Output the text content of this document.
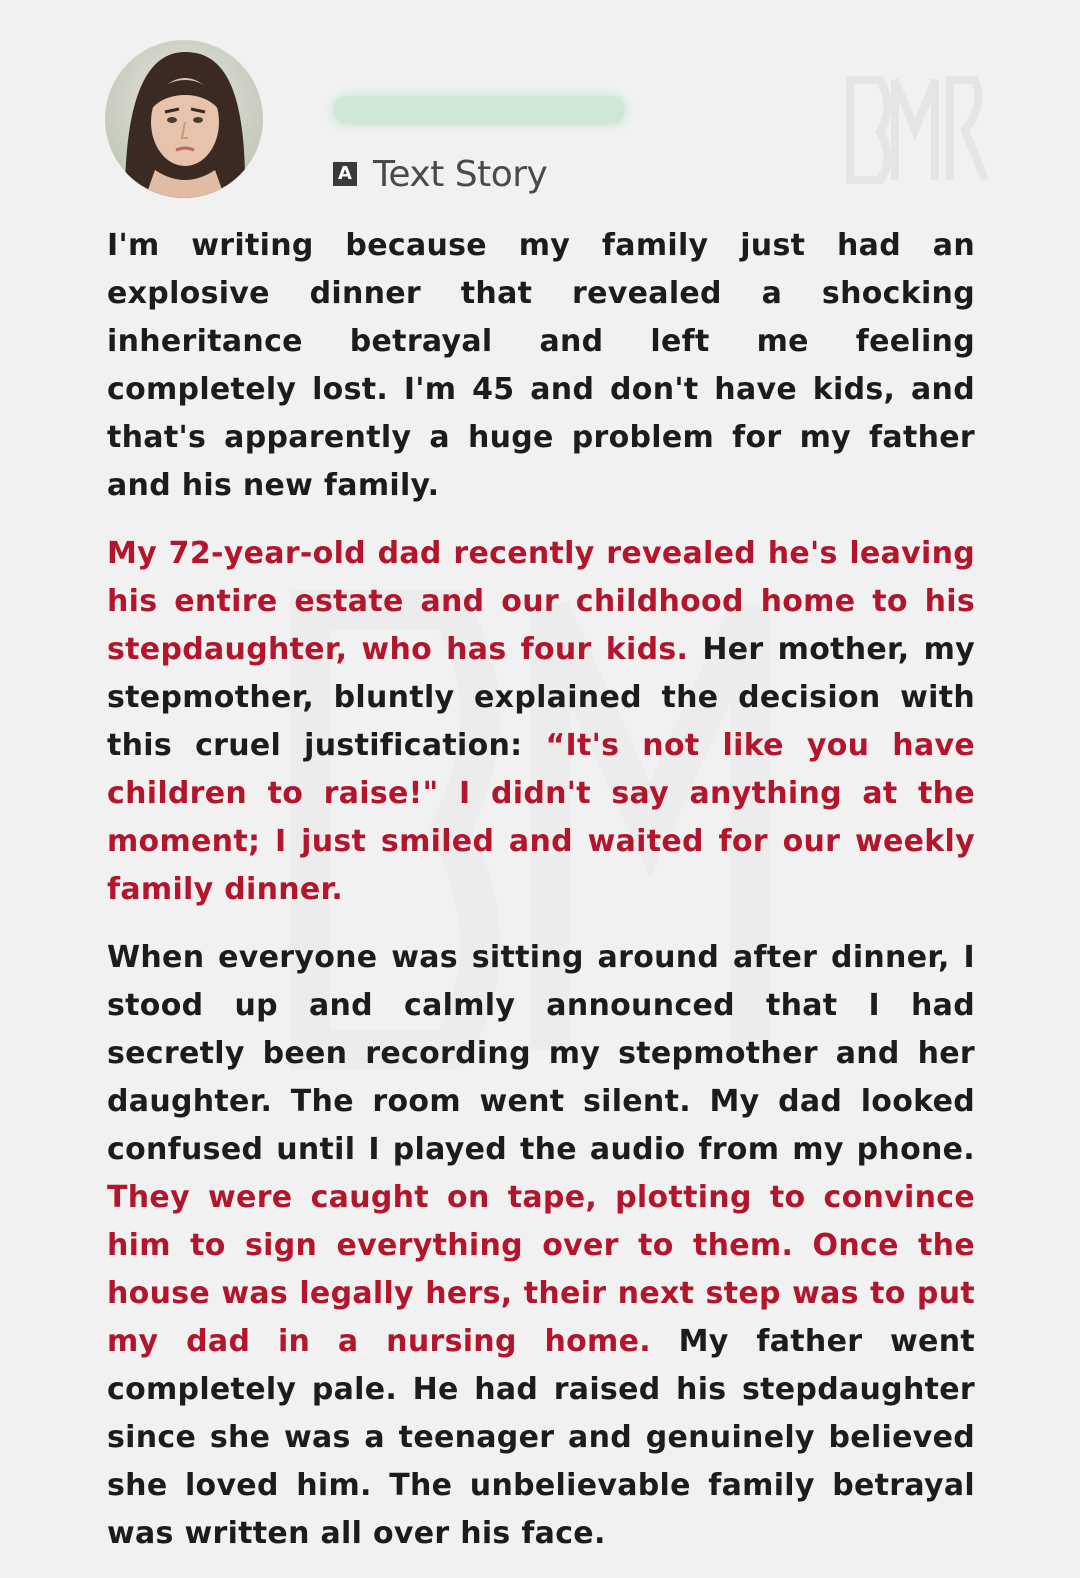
A Text Story

I'm writing because my family just had an explosive dinner that revealed a shocking inheritance betrayal and left me feeling completely lost. I'm 45 and don't have kids, and that's apparently a huge problem for my father and his new family.

My 72-year-old dad recently revealed he's leaving his entire estate and our childhood home to his stepdaughter, who has four kids. Her mother, my stepmother, bluntly explained the decision with this cruel justification: “It's not like you have children to raise!" I didn't say anything at the moment; I just smiled and waited for our weekly family dinner.

When everyone was sitting around after dinner, I stood up and calmly announced that I had secretly been recording my stepmother and her daughter. The room went silent. My dad looked confused until I played the audio from my phone. They were caught on tape, plotting to convince him to sign everything over to them. Once the house was legally hers, their next step was to put my dad in a nursing home. My father went completely pale. He had raised his stepdaughter since she was a teenager and genuinely believed she loved him. The unbelievable family betrayal was written all over his face.
